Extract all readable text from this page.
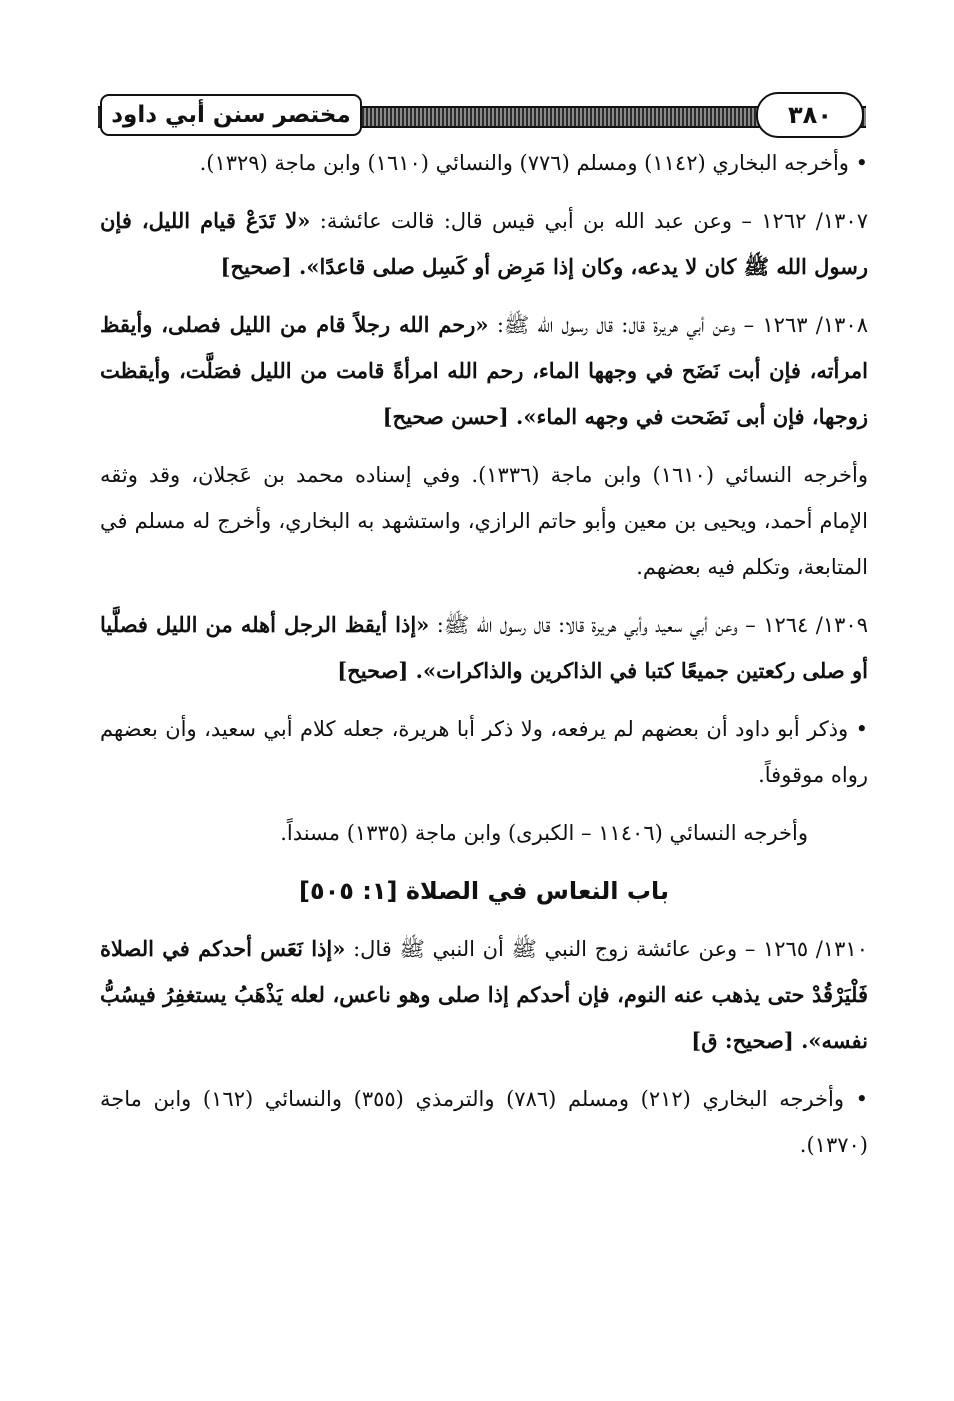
مختصر سنن أبي داود	٣٨٠

• وأخرجه البخاري (١١٤٢) ومسلم (٧٧٦) والنسائي (١٦١٠) وابن ماجة (١٣٢٩).

١٣٠٧/ ١٢٦٢ – وعن عبد الله بن أبي قيس قال: قالت عائشة: «لا تَدَعْ قيام الليل، فإن رسول الله ﷺ كان لا يدعه، وكان إذا مَرِض أو كَسِل صلى قاعدًا». [صحيح]

١٣٠٨/ ١٢٦٣ – وعن أبي هريرة قال: قال رسول الله ﷺ: «رحم الله رجلاً قام من الليل فصلى، وأيقظ امرأته، فإن أبت نَضَح في وجهها الماء، رحم الله امرأةً قامت من الليل فصَلَّت، وأيقظت زوجها، فإن أبى نَضَحت في وجهه الماء». [حسن صحيح]

وأخرجه النسائي (١٦١٠) وابن ماجة (١٣٣٦). وفي إسناده محمد بن عَجلان، وقد وثقه الإمام أحمد، ويحيى بن معين وأبو حاتم الرازي، واستشهد به البخاري، وأخرج له مسلم في المتابعة، وتكلم فيه بعضهم.

١٣٠٩/ ١٢٦٤ – وعن أبي سعيد وأبي هريرة قالا: قال رسول الله ﷺ: «إذا أيقظ الرجل أهله من الليل فصلَّيا أو صلى ركعتين جميعًا كتبا في الذاكرين والذاكرات». [صحيح]

• وذكر أبو داود أن بعضهم لم يرفعه، ولا ذكر أبا هريرة، جعله كلام أبي سعيد، وأن بعضهم رواه موقوفاً.

وأخرجه النسائي (١١٤٠٦ – الكبرى) وابن ماجة (١٣٣٥) مسنداً.

باب النعاس في الصلاة [١: ٥٠٥]

١٣١٠/ ١٢٦٥ – وعن عائشة زوج النبي ﷺ أن النبي ﷺ قال: «إذا نَعَس أحدكم في الصلاة فَلْيَرْقُدْ حتى يذهب عنه النوم، فإن أحدكم إذا صلى وهو ناعس، لعله يَذْهَبُ يستغفِرُ فيسُبُّ نفسه». [صحيح: ق]

• وأخرجه البخاري (٢١٢) ومسلم (٧٨٦) والترمذي (٣٥٥) والنسائي (١٦٢) وابن ماجة (١٣٧٠).
